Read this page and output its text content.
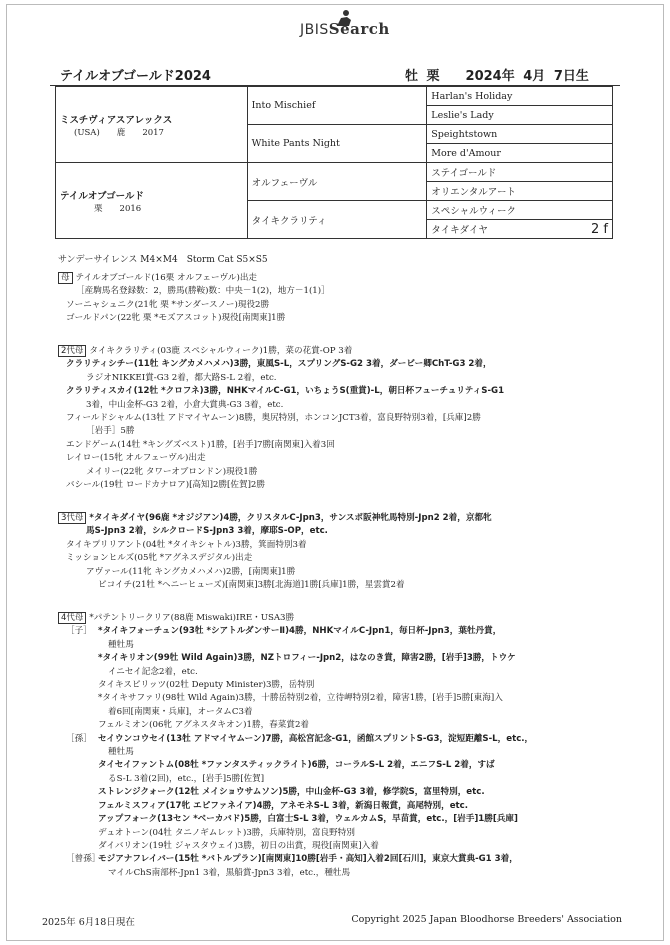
JBISSearch
テイルオブゴールド2024	牡 栗　　 2024年 4月 7日生
ミスチヴィアスアレックス
(USA)　　 鹿　　 2017	Into Mischief	Harlan's Holiday
		Leslie's Lady
	White Pants Night	Speightstown
		More d'Amour

テイルオブゴールド
栗　　 2016	オルフェーヴル	ステイゴールド
		オリエンタルアート
	タイキクラリティ	スペシャルウィーク

		タイキダイヤ 2 f
サンデーサイレンス M4×M4　Storm Cat S5×S5
母 テイルオブゴールド(16栗 オルフェーヴル)出走
［産駒馬名登録数：2，勝馬(勝鞍)数：中央－1(2)，地方－1(1)］
ソーニャシュニク(21牝 栗 *サンダースノー)現役2勝
ゴールドパン(22牝 栗 *モズアスコット)現役[南関東]1勝
2代母 タイキクラリティ(03鹿 スペシャルウィーク)1勝，菜の花賞-OP 3着
クラリティシチー(11牡 キングカメハメハ)3勝，東風S-L，スプリングS-G2 3着，ダービー卿ChT-G3 2着，
ラジオNIKKEI賞-G3 2着，都大路S-L 2着，etc.
クラリティスカイ(12牡 *クロフネ)3勝，NHKマイルC-G1，いちょうS(重賞)-L，朝日杯フューチュリティS-G1
3着，中山金杯-G3 2着，小倉大賞典-G3 3着，etc.
フィールドシャルム(13牡 アドマイヤムーン)8勝，奥尻特別，ホンコンJCT3着，富良野特別3着，[兵庫]2勝
［岩手］5勝
エンドゲーム(14牡 *キングズベスト)1勝，[岩手]7勝[南関東]入着3回
レイロー(15牝 オルフェーヴル)出走
メイリー(22牝 タワーオブロンドン)現役1勝
バシール(19牡 ロードカナロア)[高知]2勝[佐賀]2勝
3代母 *タイキダイヤ(96鹿 *オジジアン)4勝，クリスタルC-Jpn3，サンスポ阪神牝馬特別-Jpn2 2着，京都牝
馬S-Jpn3 2着，シルクロードS-Jpn3 3着，摩耶S-OP，etc.
タイキプリリアント(04牡 *タイキシャトル)3勝，箕面特別3着
ミッションヒルズ(05牝 *アグネスデジタル)出走
アヴァール(11牝 キングカメハメハ)2勝，[南関東]1勝
ピコイチ(21牡 *ヘニーヒューズ)[南関東]3勝[北海道]1勝[兵庫]1勝，星雲賞2着
4代母 *パテントリークリア(88鹿 Miswaki)IRE・USA3勝
［子］ *タイキフォーチュン(93牡 *シアトルダンサーⅡ)4勝，NHKマイルC-Jpn1，毎日杯-Jpn3，葉牡丹賞，
種牡馬
*タイキリオン(99牡 Wild Again)3勝，NZトロフィー-Jpn2，はなのき賞，障害2勝，[岩手]3勝，トウケ
イニセイ記念2着，etc.
タイキスピリッツ(02牡 Deputy Minister)3勝，岳特別
*タイキサファリ(98牡 Wild Again)3勝，十勝岳特別2着，立待岬特別2着，障害1勝，[岩手]5勝[東海]入
着6回[南関東・兵庫]，オータムC3着
フェルミオン(06牝 アグネスタキオン)1勝，春菜賞2着
［孫］ セイウンコウセイ(13牡 アドマイヤムーン)7勝，高松宮記念-G1，函館スプリントS-G3，淀短距離S-L，etc.，
種牡馬
タイセイファントム(08牡 *ファンタスティックライト)6勝，コーラルS-L 2着，エニフS-L 2着，すば
るS-L 3着(2回)，etc.，[岩手]5勝[佐賀]
ストレンジクォーク(12牡 メイショウサムソン)5勝，中山金杯-G3 3着，修学院S，富里特別，etc.
フェルミスフィア(17牝 エピファネイア)4勝，アネモネS-L 3着，新潟日報賞，高尾特別，etc.
アップフォーク(13セン *ベーカバド)5勝，白富士S-L 3着，ウェルカムS，早苗賞，etc.，[岩手]1勝[兵庫]
デュオトーン(04牡 タニノギムレット)3勝，兵庫特別，富良野特別
ダイバリオン(19牡 ジャスタウェイ)3勝，初日の出賞，現役[南関東]入着
［曾孫］モジアナフレイバー(15牡 *バトルプラン)[南関東]10勝[岩手・高知]入着2回[石川]，東京大賞典-G1 3着，
マイルChS南部杯-Jpn1 3着，黒船賞-Jpn3 3着，etc.，種牡馬
2025年 6月18日現在	Copyright 2025 Japan Bloodhorse Breeders' Association
